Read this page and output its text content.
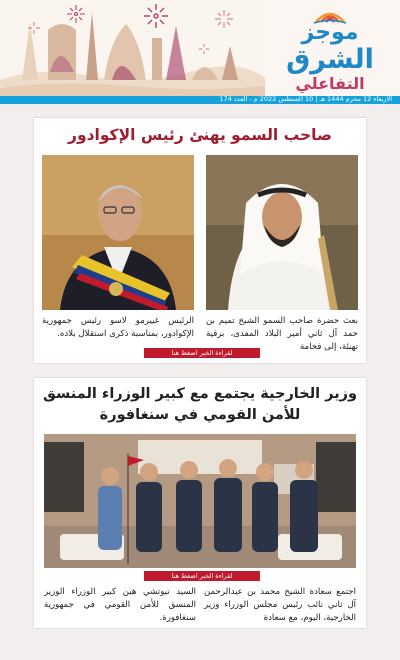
موجز
الشرق
التفاعلي
الأربعاء 12 محرم 1444 هـ | 10 أغسطس 2022 م - العدد 174
صاحب السمو يهنئ رئيس الإكوادور
بعث حضرة صاحب السمو الشيخ تميم بن حمد آل ثاني أمير البلاد المفدى، برقية تهنئة، إلى فخامة
الرئيس غييرمو لاسو رئيس جمهورية الإكوادور، بمناسبة ذكرى استقلال بلاده.
لقراءة الخبر اضغط هنا
وزير الخارجية يجتمع مع كبير الوزراء المنسق للأمن القومي في سنغافورة
لقراءة الخبر اضغط هنا
اجتمع سعادة الشيخ محمد بن عبدالرحمن آل ثاني نائب رئيس مجلس الوزراء وزير الخارجية، اليوم، مع سعادة
السيد تيوتشي هين كبير الوزراء الوزير المنسق للأمن القومي في جمهورية سنغافورة.
